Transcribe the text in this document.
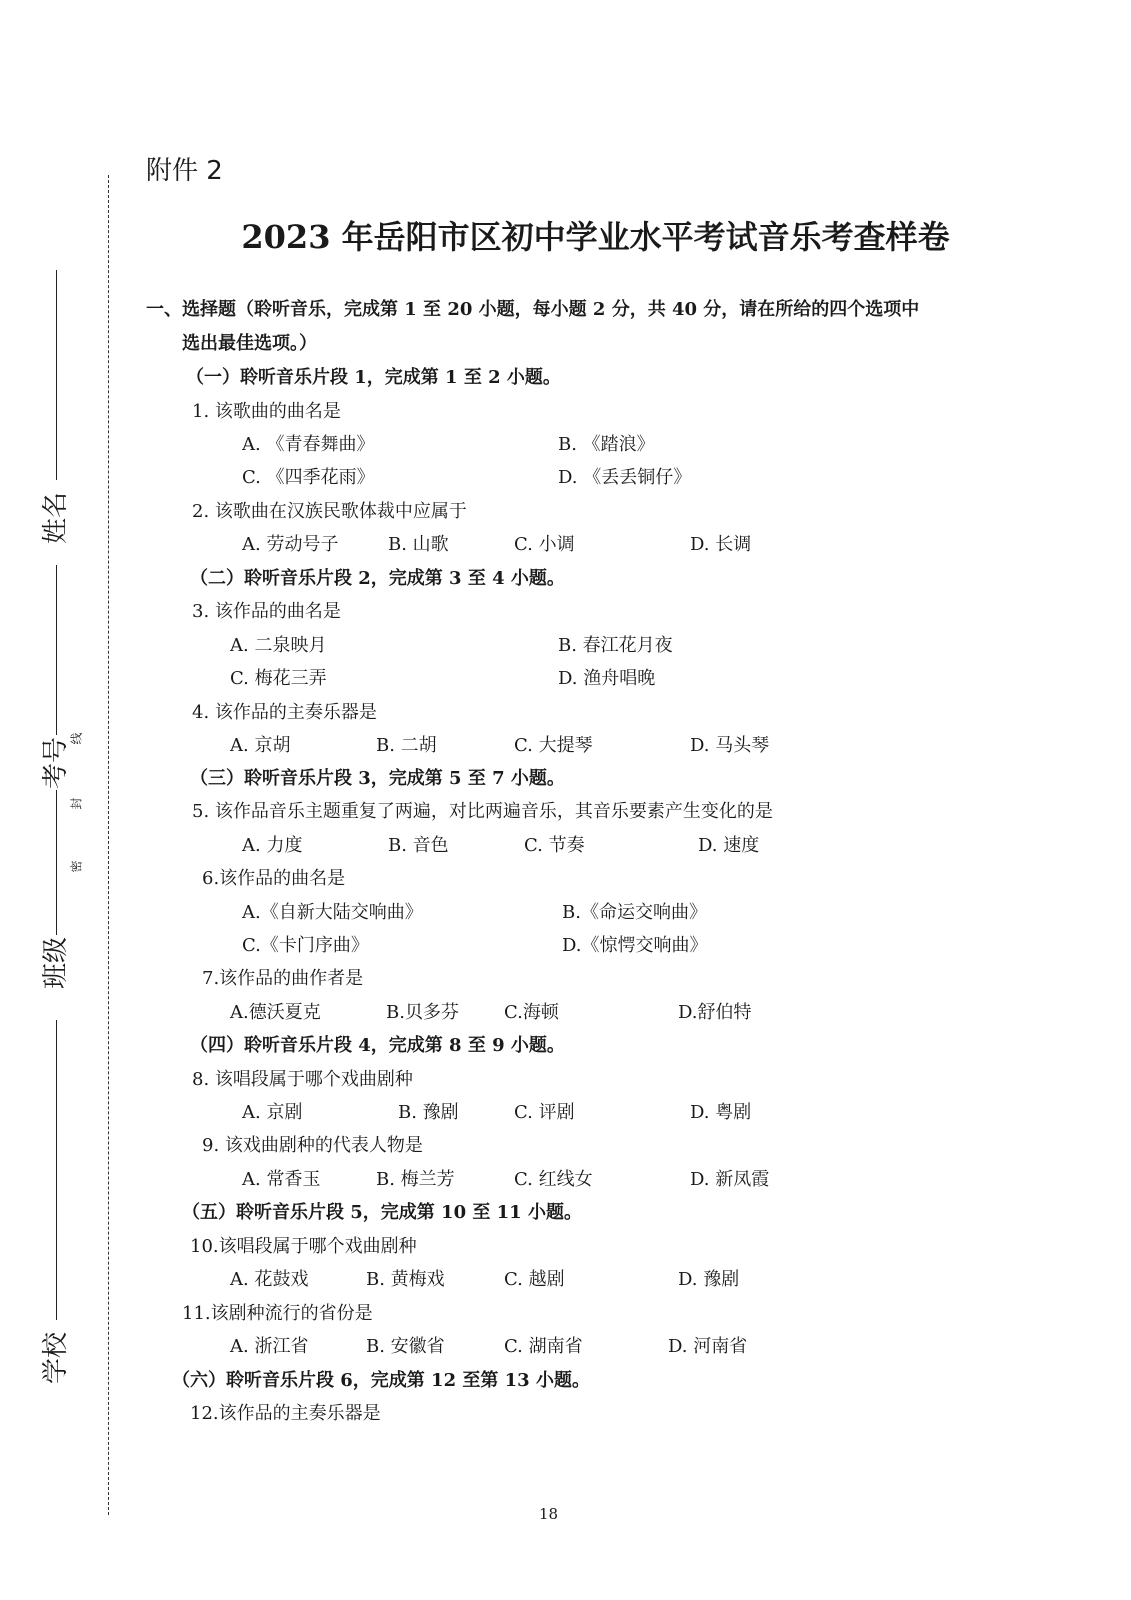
姓名
考号
班级
学校
线
封
密
附件 2
2023 年岳阳市区初中学业水平考试音乐考查样卷
一、选择题（聆听音乐，完成第 1 至 20 小题，每小题 2 分，共 40 分，请在所给的四个选项中
选出最佳选项。）
（一）聆听音乐片段 1，完成第 1 至 2 小题。
1. 该歌曲的曲名是
A. 《青春舞曲》	B. 《踏浪》
C. 《四季花雨》	D. 《丢丢铜仔》
2. 该歌曲在汉族民歌体裁中应属于
A. 劳动号子	B. 山歌	C. 小调	D. 长调
（二）聆听音乐片段 2，完成第 3 至 4 小题。
3. 该作品的曲名是
A. 二泉映月	B. 春江花月夜
C. 梅花三弄	D. 渔舟唱晚
4. 该作品的主奏乐器是
A. 京胡	B. 二胡	C. 大提琴	D. 马头琴
（三）聆听音乐片段 3，完成第 5 至 7 小题。
5. 该作品音乐主题重复了两遍，对比两遍音乐，其音乐要素产生变化的是
A. 力度	B. 音色	C. 节奏	D. 速度
6.该作品的曲名是
A.《自新大陆交响曲》	B.《命运交响曲》
C.《卡门序曲》	D.《惊愕交响曲》
7.该作品的曲作者是
A.德沃夏克	B.贝多芬	C.海顿	D.舒伯特
（四）聆听音乐片段 4，完成第 8 至 9 小题。
8. 该唱段属于哪个戏曲剧种
A. 京剧	B. 豫剧	C. 评剧	D. 粤剧
9. 该戏曲剧种的代表人物是
A. 常香玉	B. 梅兰芳	C. 红线女	D. 新凤霞
（五）聆听音乐片段 5，完成第 10 至 11 小题。
10.该唱段属于哪个戏曲剧种
A. 花鼓戏	B. 黄梅戏	C. 越剧	D. 豫剧
11.该剧种流行的省份是
A. 浙江省	B. 安徽省	C. 湖南省	D. 河南省
（六）聆听音乐片段 6，完成第 12 至第 13 小题。
12.该作品的主奏乐器是
18
